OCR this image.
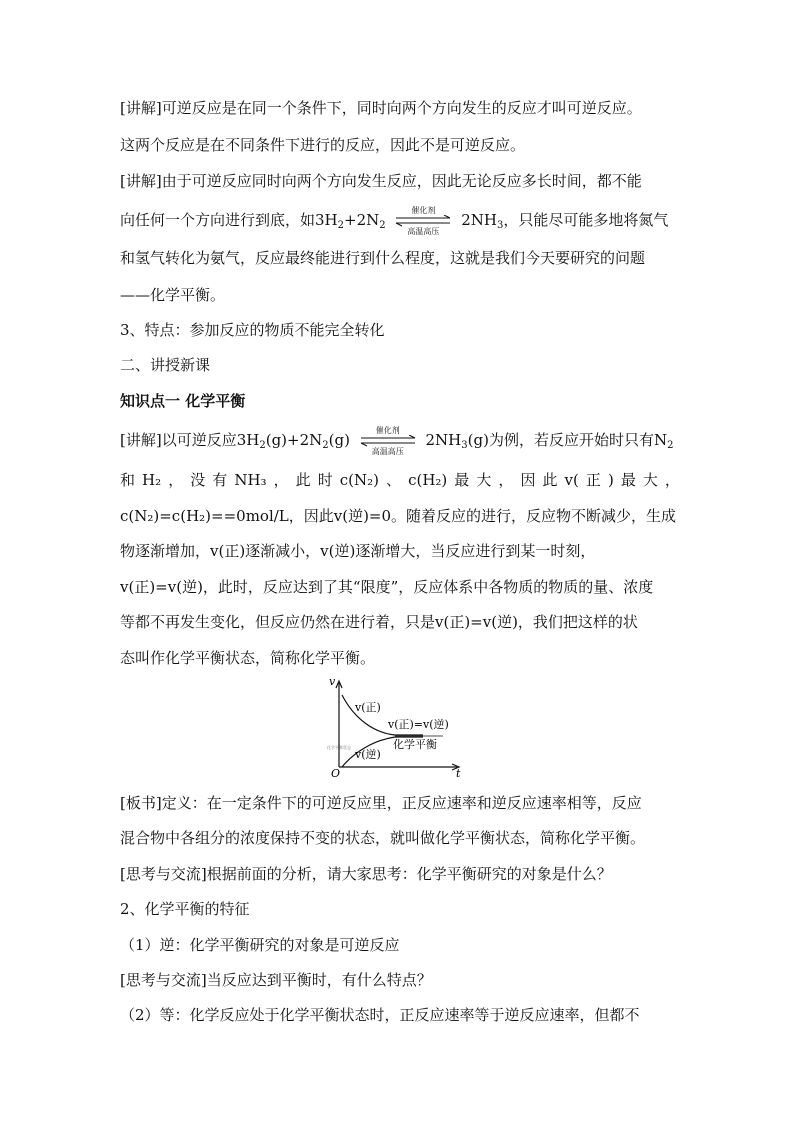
[讲解]可逆反应是在同一个条件下，同时向两个方向发生的反应才叫可逆反应。
这两个反应是在不同条件下进行的反应，因此不是可逆反应。
[讲解]由于可逆反应同时向两个方向发生反应，因此无论反应多长时间，都不能
向任何一个方向进行到底，如$3H_2+2N_2$
催化剂
高温高压
$2NH_3$，只能尽可能多地将氮气
和氢气转化为氨气，反应最终能进行到什么程度，这就是我们今天要研究的问题
——化学平衡。
3、特点：参加反应的物质不能完全转化
二、讲授新课
知识点一 化学平衡
[讲解]以可逆反应$3H_2(g)+2N_2(g)$
催化剂
高温高压
$2NH_3(g)$为例，若反应开始时只有$N_2$
和 H₂ ， 没 有 NH₃ ， 此 时 c(N₂) 、 c(H₂) 最 大 ， 因 此 v( 正 ) 最 大 ，
c(N₂)=c(H₂)==0mol/L，因此v(逆)=0。随着反应的进行，反应物不断减少，生成
物逐渐增加，v(正)逐渐减小，v(逆)逐渐增大，当反应进行到某一时刻，
v(正)=v(逆)，此时，反应达到了其“限度”，反应体系中各物质的物质的量、浓度
等都不再发生变化，但反应仍然在进行着，只是v(正)=v(逆)，我们把这样的状
态叫作化学平衡状态，简称化学平衡。
v
t
O
v(正)
v(逆)
v(正)=v(逆)
化学平衡
化学平衡状态
[板书]定义：在一定条件下的可逆反应里，正反应速率和逆反应速率相等，反应
混合物中各组分的浓度保持不变的状态，就叫做化学平衡状态，简称化学平衡。
[思考与交流]根据前面的分析，请大家思考：化学平衡研究的对象是什么？
2、化学平衡的特征
（1）逆：化学平衡研究的对象是可逆反应
[思考与交流]当反应达到平衡时，有什么特点？
（2）等：化学反应处于化学平衡状态时，正反应速率等于逆反应速率，但都不
